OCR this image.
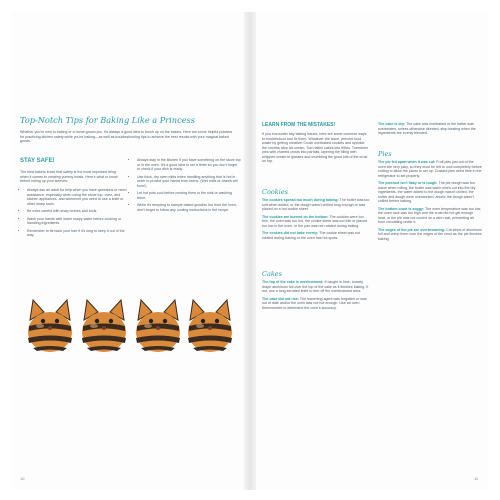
Top-Notch Tips for Baking Like a Princess

Whether you're new to baking or a home-grown pro, it's always a good idea to brush up on the basics. Here are some helpful pointers for practicing kitchen safety while you're baking—as well as troubleshooting tips to achieve the best results with your magical baked goods.

STAY SAFE!

The best bakers know that safety is the most important thing when it comes to creating yummy treats. Here's what to know before rolling up your sleeves:

• Always ask an adult for help when you have questions or need assistance, especially when using the stove top, oven, and kitchen appliances, and whenever you need to use a knife or other sharp tools.
• Be extra careful with sharp knives and tools.
• Wash your hands with warm soapy water before cooking or handling ingredients.
• Remember to tie back your hair if it's long to keep it out of the way.
• Always stay in the kitchen if you have something on the stove top or in the oven. It's a good idea to set a timer so you don't forget to check if your dish is ready.
• Use thick, dry oven mitts when handling anything that is hot in order to protect your hands from burns. (Wet mitts or towels will burn!)
• Let hot pots cool before moving them to the sink or washing them.
• While it's tempting to sample baked goodies hot from the oven, don't forget to follow any cooling instructions in the recipe.
10
LEARN FROM THE MISTAKES!

If you encounter any baking issues, here are some common ways to troubleshoot and fix them. Whatever the issue, prevent food waste by getting creative! Crush overbaked cookies and sprinkle the crumbs atop ice cream. Turn fallen cakes into trifles. Transform pies with charred crusts into parfaits, layering the filling with whipped cream in glasses and crumbling the good bits of the crust on top.

Cookies

The cookies spread too much during baking: The butter was too soft when added, or the dough wasn't chilled long enough or was placed on a hot cookie sheet.

The cookies are burned on the bottom: The cookies were too thin, the oven was too hot, the cookie sheet was too thin or placed too low in the oven, or the pan was not rotated during baking.

The cookies did not bake evenly: The cookie sheet was not rotated during baking or the oven has hot spots.

Cakes

The top of the cake is overbrowned: If caught in time, loosely drape aluminum foil over the top of the cake as it finishes baking. If not, use a long serrated knife to trim off the overbrowned area.

The cake did not rise: The leavening agent was forgotten or was out of date and/or the oven was not hot enough. Use an oven thermometer to determine the oven's accuracy.

The cake is dry: The cake was overbaked or the batter was overbeaten, unless otherwise directed, stop beating when the ingredients are evenly blended.

Pies

The pie fell apart when it was cut: Fruit pies just out of the oven are very juicy, so they must be left to cool completely before cutting to allow the juices to set up. Custard pies need time in the refrigerator to set properly.

The piecrust isn't flaky or is tough: The pie dough was too warm when rolling, the butter was warm when cut into the dry ingredients, the water added to the dough wasn't chilled, the butter and dough were overworked, and/or the dough wasn't chilled before baking.

The bottom crust is soggy: The oven temperature was too low, the oven rack was too high and the crust did not get enough heat, or the pie was not cooled on a wire rack, preventing air from circulating under it.

The edges of the pie are overbrowning: Cut strips of aluminum foil and crimp them over the edges of the crust as the pie finishes baking.

11
